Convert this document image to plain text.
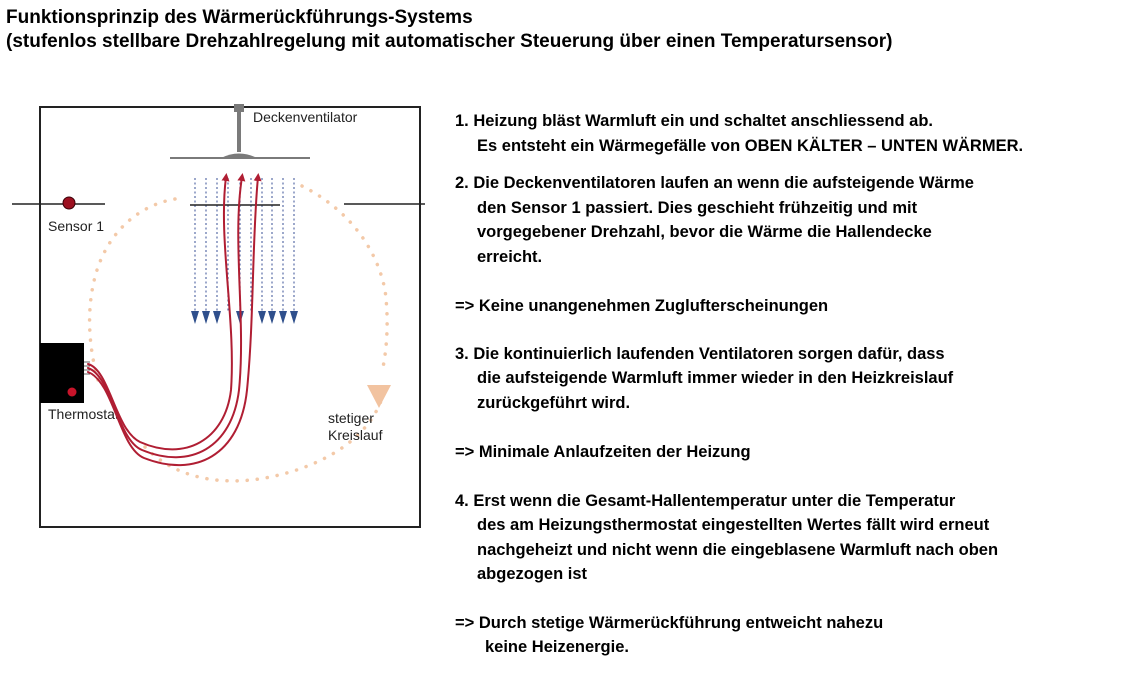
Funktionsprinzip des Wärmerückführungs-Systems
(stufenlos stellbare Drehzahlregelung mit automatischer Steuerung über einen Temperatursensor)
Deckenventilator
Sensor 1
stetiger
Kreislauf
Thermostat

1. Heizung bläst Warmluft ein und schaltet anschliessend ab.
Es entsteht ein Wärmegefälle von OBEN KÄLTER – UNTEN WÄRMER.

2. Die Deckenventilatoren laufen an wenn die aufsteigende Wärme
den Sensor 1 passiert. Dies geschieht frühzeitig und mit
vorgegebener Drehzahl, bevor die Wärme die Hallendecke
erreicht.

=> Keine unangenehmen Zuglufterscheinungen

3. Die kontinuierlich laufenden Ventilatoren sorgen dafür, dass
die aufsteigende Warmluft immer wieder in den Heizkreislauf
zurückgeführt wird.

=> Minimale Anlaufzeiten der Heizung

4. Erst wenn die Gesamt-Hallentemperatur unter die Temperatur
des am Heizungsthermostat eingestellten Wertes fällt wird erneut
nachgeheizt und nicht wenn die eingeblasene Warmluft nach oben
abgezogen ist

=> Durch stetige Wärmerückführung entweicht nahezu
keine Heizenergie.
